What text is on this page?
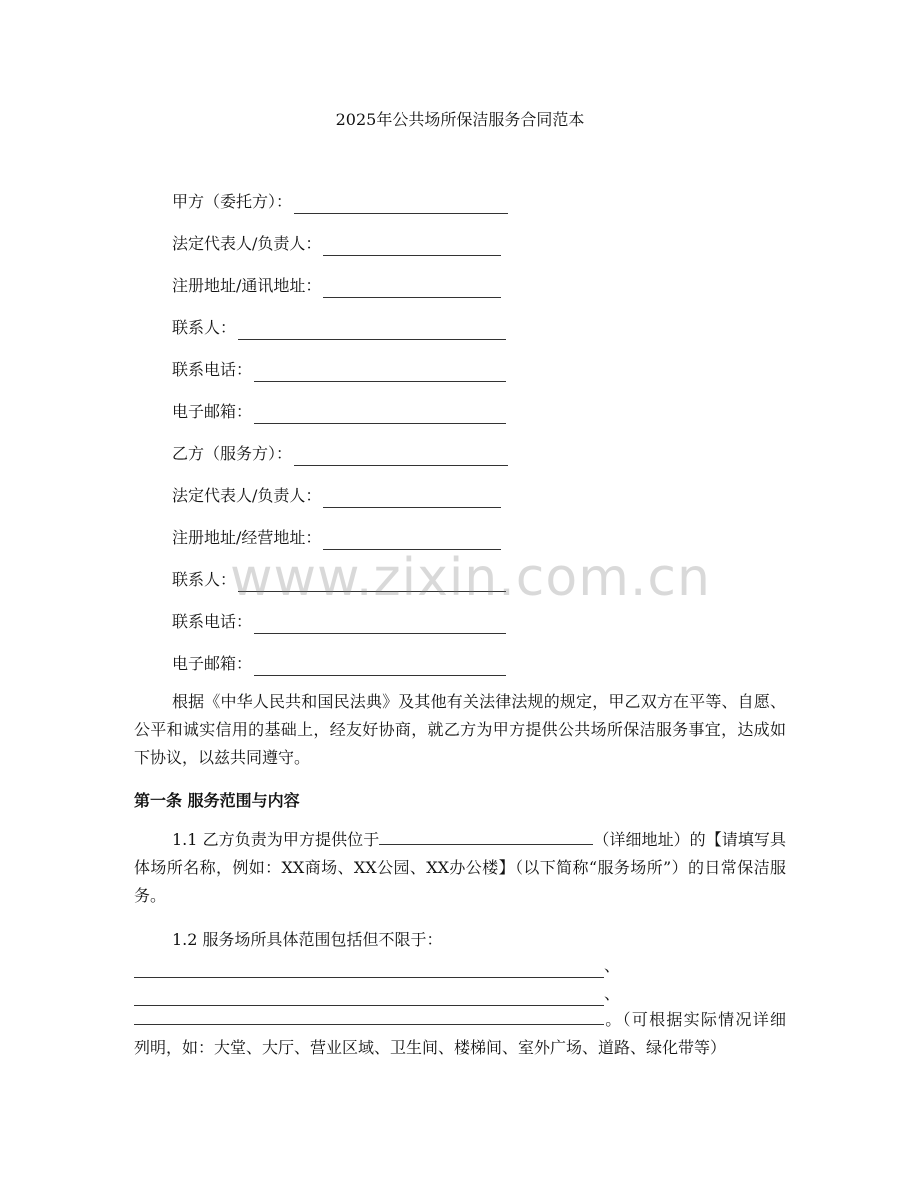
2025年公共场所保洁服务合同范本
甲方（委托方）：
法定代表人/负责人：
注册地址/通讯地址：
联系人：
联系电话：
电子邮箱：
乙方（服务方）：
法定代表人/负责人：
注册地址/经营地址：
联系人：
联系电话：
电子邮箱：
根据《中华人民共和国民法典》及其他有关法律法规的规定，甲乙双方在平等、自愿、公平和诚实信用的基础上，经友好协商，就乙方为甲方提供公共场所保洁服务事宜，达成如下协议，以兹共同遵守。
第一条 服务范围与内容
1.1 乙方负责为甲方提供位于	（详细地址）的【请填写具体场所名称，例如：XX商场、XX公园、XX办公楼】（以下简称“服务场所”）的日常保洁服务。
1.2 服务场所具体范围包括但不限于：
、
、
。（可根据实际情况详细列明，如：大堂、大厅、营业区域、卫生间、楼梯间、室外广场、道路、绿化带等）
www.zixin.com.cn
